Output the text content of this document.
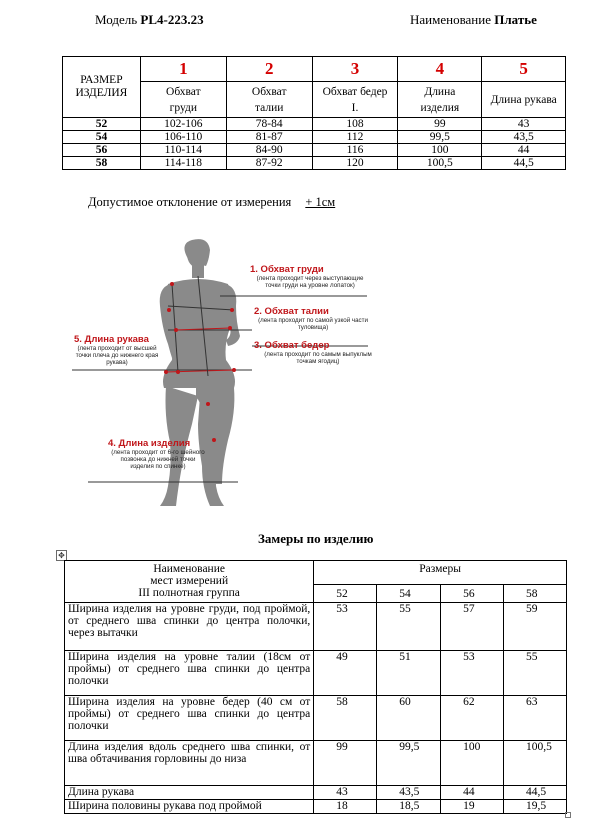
Модель PL4-223.23	Наименование Платье
РАЗМЕР ИЗДЕЛИЯ	1	2	3	4	5
	Обхват груди	Обхват талии	Обхват бедер I.	Длина изделия	Длина рукава
52	102-106	78-84	108	99	43
54	106-110	81-87	112	99,5	43,5
56	110-114	84-90	116	100	44
58	114-118	87-92	120	100,5	44,5
Допустимое отклонение от измерения + 1см
1. Обхват груди
(лента проходит через выступающие точки груди на уровне лопаток)
2. Обхват талии
(лента проходит по самой узкой части туловища)
3. Обхват бедер
(лента проходит по самым выпуклым точкам ягодиц)
5. Длина рукава
(лента проходит от высшей точки плеча до нижнего края рукава)
4. Длина изделия
(лента проходит от 6-го шейного позвонка до нижней точки изделия по спинке)
Замеры по изделию
✥
Наименование
мест измерений
III полнотная группа	Размеры			
	52	54	56	58
Ширина изделия на уровне груди, под проймой, от среднего шва спинки до центра полочки, через вытачки	53	55	57	59
Ширина изделия на уровне талии (18см от проймы) от среднего шва спинки до центра полочки	49	51	53	55
Ширина изделия на уровне бедер (40 см от проймы) от среднего шва спинки до центра полочки	58	60	62	63
Длина изделия вдоль среднего шва спинки, от шва обтачивания горловины до низа	99	99,5	100	100,5
Длина рукава	43	43,5	44	44,5
Ширина половины рукава под проймой	18	18,5	19	19,5
